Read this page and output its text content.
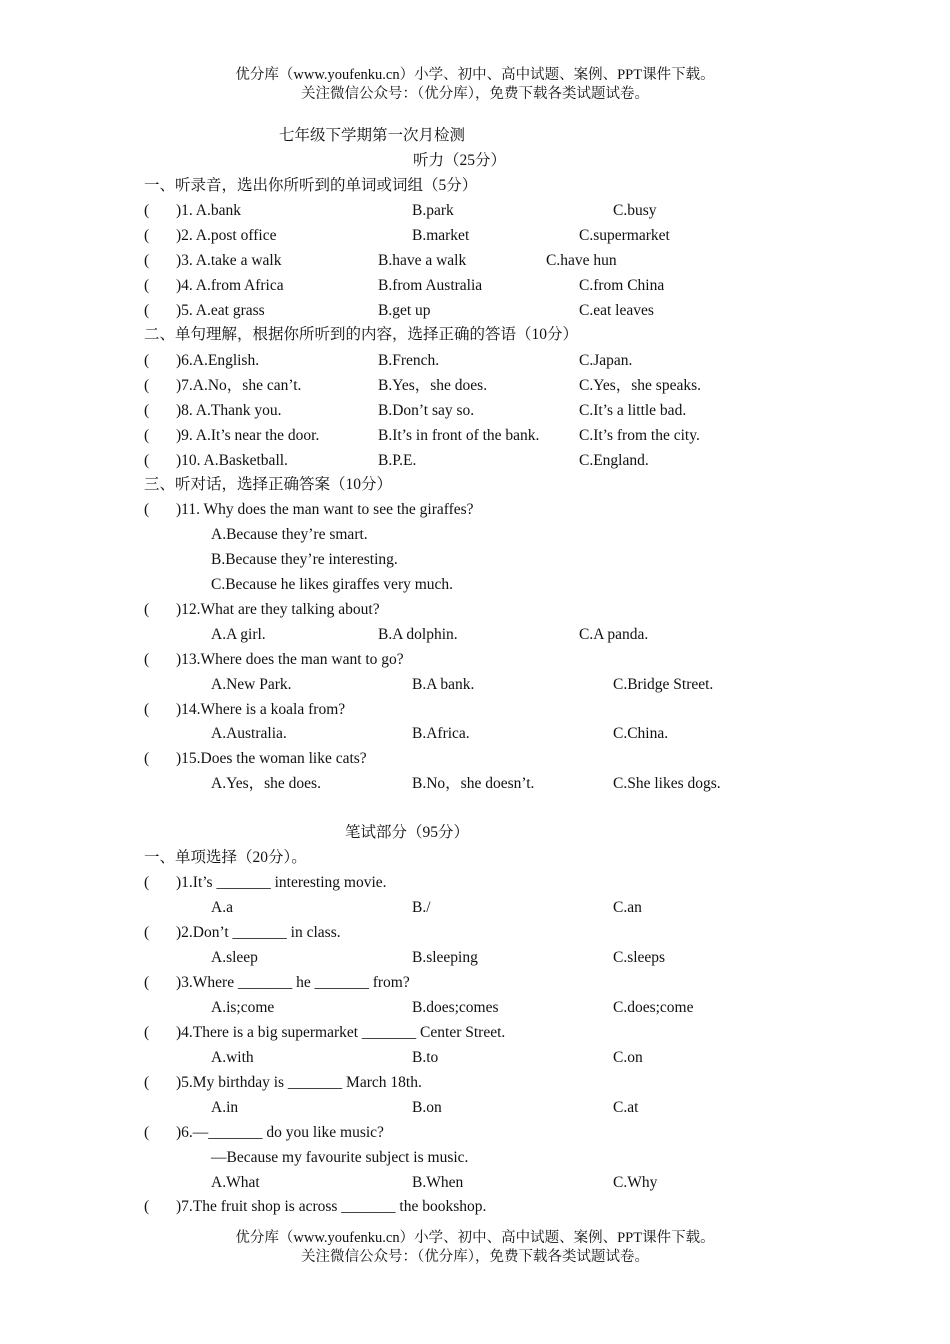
优分库（www.youfenku.cn）小学、初中、高中试题、案例、PPT课件下载。
关注微信公众号：（优分库），免费下载各类试题试卷。
七年级下学期第一次月检测
听力（25分）
一、听录音，选出你所听到的单词或词组（5分）
( )1. A.bank	B.park	C.busy
( )2. A.post office	B.market	C.supermarket
( )3. A.take a walk	B.have a walk	C.have hun
( )4. A.from Africa	B.from Australia	C.from China
( )5. A.eat grass	B.get up	C.eat leaves
二、单句理解，根据你所听到的内容，选择正确的答语（10分）
( )6.A.English.	B.French.	C.Japan.
( )7.A.No，she can’t.	B.Yes，she does.	C.Yes，she speaks.
( )8. A.Thank you.	B.Don’t say so.	C.It’s a little bad.
( )9. A.It’s near the door.	B.It’s in front of the bank.	C.It’s from the city.
( )10. A.Basketball.	B.P.E.	C.England.
三、听对话，选择正确答案（10分）
( )11. Why does the man want to see the giraffes?
A.Because they’re smart.
B.Because they’re interesting.
C.Because he likes giraffes very much.
( )12.What are they talking about?
A.A girl.	B.A dolphin.	C.A panda.
( )13.Where does the man want to go?
A.New Park.	B.A bank.	C.Bridge Street.
( )14.Where is a koala from?
A.Australia.	B.Africa.	C.China.
( )15.Does the woman like cats?
A.Yes，she does.	B.No，she doesn’t.	C.She likes dogs.
笔试部分（95分）
一、单项选择（20分）。
( )1.It’s _______ interesting movie.
A.a	B./	C.an
( )2.Don’t _______ in class.
A.sleep	B.sleeping	C.sleeps
( )3.Where _______ he _______ from?
A.is;come	B.does;comes	C.does;come
( )4.There is a big supermarket _______ Center Street.
A.with	B.to	C.on
( )5.My birthday is _______ March 18th.
A.in	B.on	C.at
( )6.—_______ do you like music?
—Because my favourite subject is music.
A.What	B.When	C.Why
( )7.The fruit shop is across _______ the bookshop.
优分库（www.youfenku.cn）小学、初中、高中试题、案例、PPT课件下载。
关注微信公众号：（优分库），免费下载各类试题试卷。
